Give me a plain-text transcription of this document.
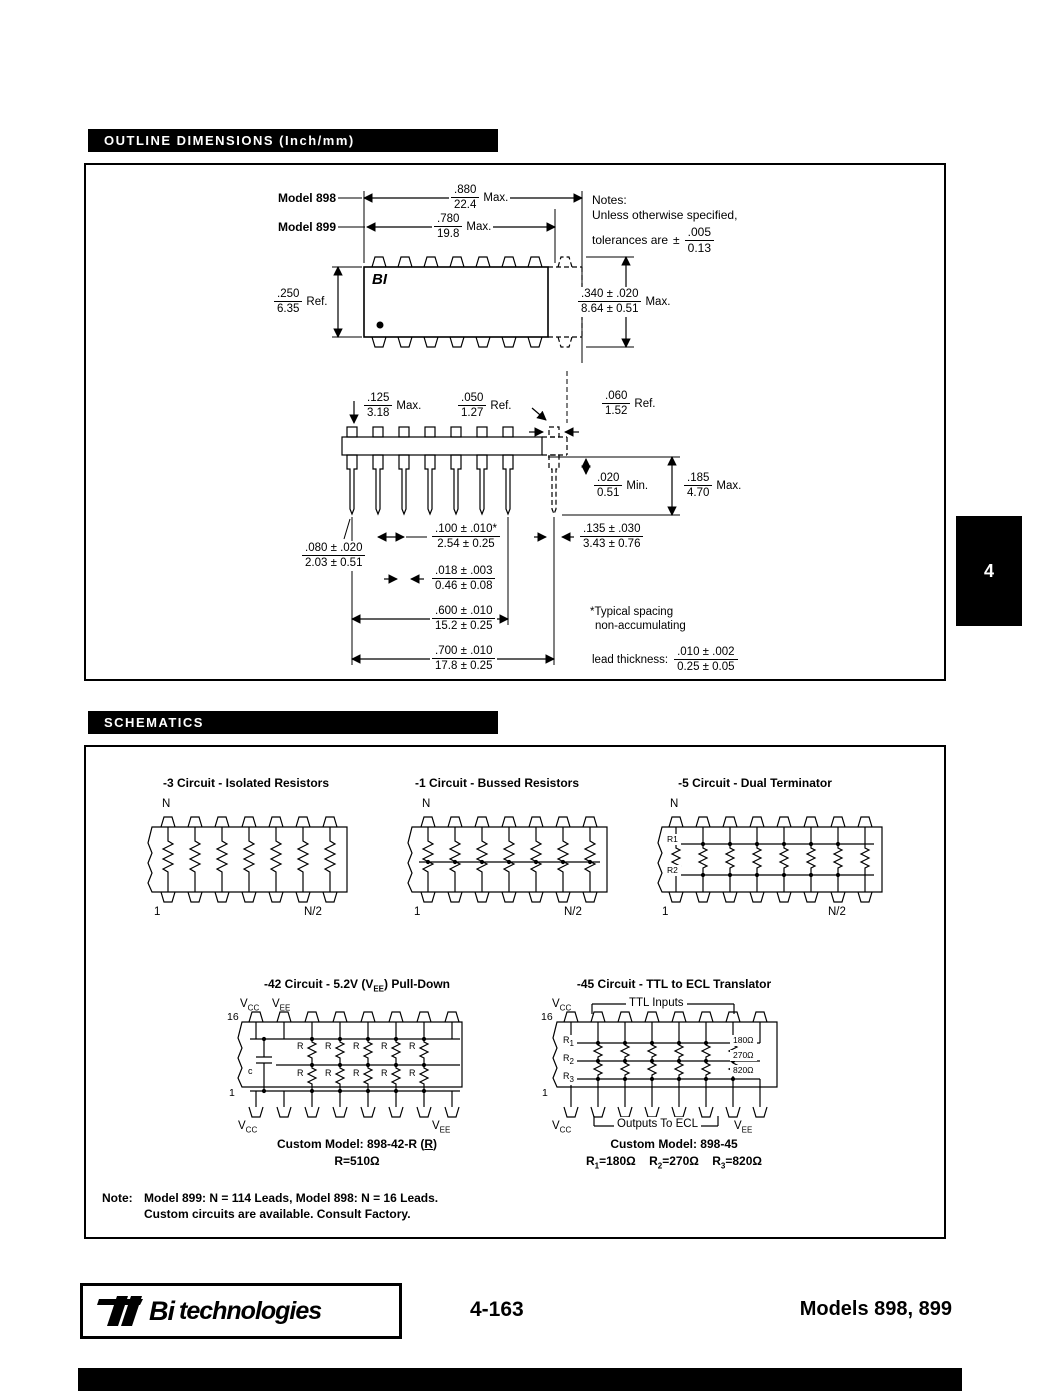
OUTLINE DIMENSIONS (Inch/mm)
Model 898
Model 899
$\frac{.880}{22.4}$ Max.
$\frac{.780}{19.8}$ Max.
Notes:
Unless otherwise specified,
tolerances are ± $\frac{.005}{0.13}$
BI
$\frac{.250}{6.35}$ Ref.	$\frac{.340 \pm .020}{8.64 \pm 0.51}$ Max.
$\frac{.125}{3.18}$ Max.	$\frac{.050}{1.27}$ Ref.	$\frac{.060}{1.52}$ Ref.
$\frac{.020}{0.51}$ Min.	$\frac{.185}{4.70}$ Max.
$\frac{.100 \pm .010*}{2.54 \pm 0.25}$
$\frac{.018 \pm .003}{0.46 \pm 0.08}$
$\frac{.600 \pm .010}{15.2 \pm 0.25}$
$\frac{.700 \pm .010}{17.8 \pm 0.25}$
$\frac{.080 \pm .020}{2.03 \pm 0.51}$
$\frac{.135 \pm .030}{3.43 \pm 0.76}$
*Typical spacing
non-accumulating
lead thickness: $\frac{.010 \pm .002}{0.25 \pm 0.05}$
4
SCHEMATICS
-3 Circuit - Isolated Resistors
N
1	N/2
-1 Circuit - Bussed Resistors
N
1	N/2
-5 Circuit - Dual Terminator
N
R1
R2
1	N/2
-42 Circuit - 5.2V $(V_{EE})$ Pull-Down
$V_{CC}$ $V_{EE}$
16
c
R R R R R
R R R R R
1
$V_{CC}$	$V_{EE}$
Custom Model: 898-42-R (R)
R=510Ω
-45 Circuit - TTL to ECL Translator
$V_{CC}$	TTL Inputs
16
$R_1$
$R_2$
$R_3$
180Ω
270Ω
820Ω
1
$V_{CC}$	Outputs To ECL	$V_{EE}$
Custom Model: 898-45
$R_1=180\Omega$ $R_2=270\Omega$ $R_3=820\Omega$
Note: Model 899: N = 114 Leads, Model 898: N = 16 Leads.
Custom circuits are available. Consult Factory.
Bi technologies	4-163	Models 898, 899
